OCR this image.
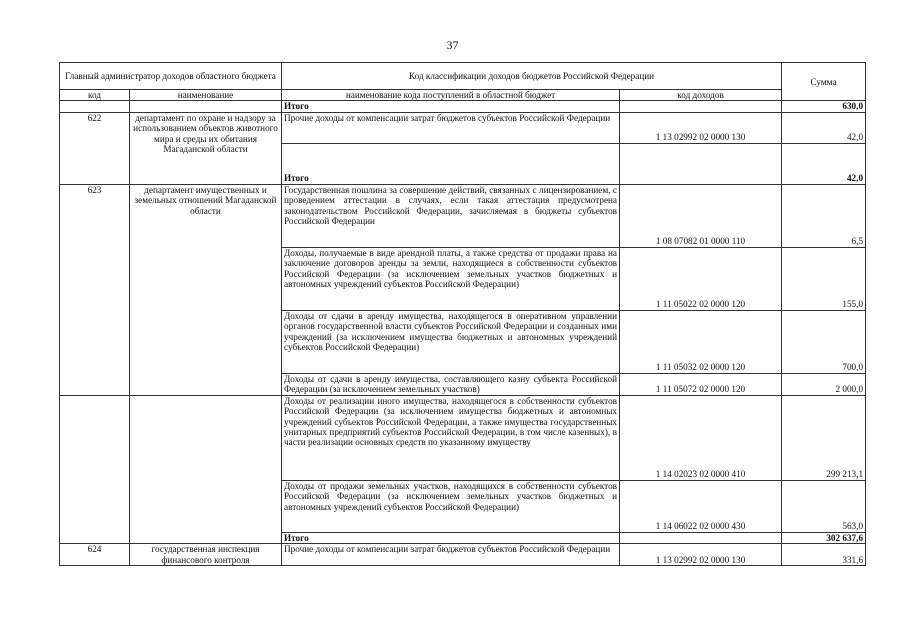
37
Главный администратор доходов областного бюджета		Код классификации доходов бюджетов Российской Федерации		Сумма
код	наименование	наименование кода поступлений в областной бюджет	код доходов	
		Итого		630,0
622	департамент по охране и надзору за использованием объектов животного мира и среды их обитания Магаданской области	Прочие доходы от компенсации затрат бюджетов субъектов Российской Федерации	1 13 02992 02 0000 130	42,0
		Итого		42,0
623	департамент имущественных и земельных отношений Магаданской области	Государственная пошлина за совершение действий, связанных с лицензированием, с проведением аттестации в случаях, если такая аттестация предусмотрена законодательством Российской Федерации, зачисляемая в бюджеты субъектов Российской Федерации	1 08 07082 01 0000 110	6,5
		Доходы, получаемые в виде арендной платы, а также средства от продажи права на заключение договоров аренды за земли, находящиеся в собственности субъектов Российской Федерации (за исключением земельных участков бюджетных и автономных учреждений субъектов Российской Федерации)	1 11 05022 02 0000 120	155,0
		Доходы от сдачи в аренду имущества, находящегося в оперативном управлении органов государственной власти субъектов Российской Федерации и созданных ими учреждений (за исключением имущества бюджетных и автономных учреждений субъектов Российской Федерации)	1 11 05032 02 0000 120	700,0
		Доходы от сдачи в аренду имущества, составляющего казну субъекта Российской Федерации (за исключением земельных участков)	1 11 05072 02 0000 120	2 000,0
		Доходы от реализации иного имущества, находящегося в собственности субъектов Российской Федерации (за исключением имущества бюджетных и автономных учреждений субъектов Российской Федерации, а также имущества государственных унитарных предприятий субъектов Российской Федерации, в том числе казенных), в части реализации основных средств по указанному имуществу	1 14 02023 02 0000 410	299 213,1
		Доходы от продажи земельных участков, находящихся в собственности субъектов Российской Федерации (за исключением земельных участков бюджетных и автономных учреждений субъектов Российской Федерации)	1 14 06022 02 0000 430	563,0
		Итого		302 637,6
624	государственная инспекция финансового контроля	Прочие доходы от компенсации затрат бюджетов субъектов Российской Федерации	1 13 02992 02 0000 130	331,6
